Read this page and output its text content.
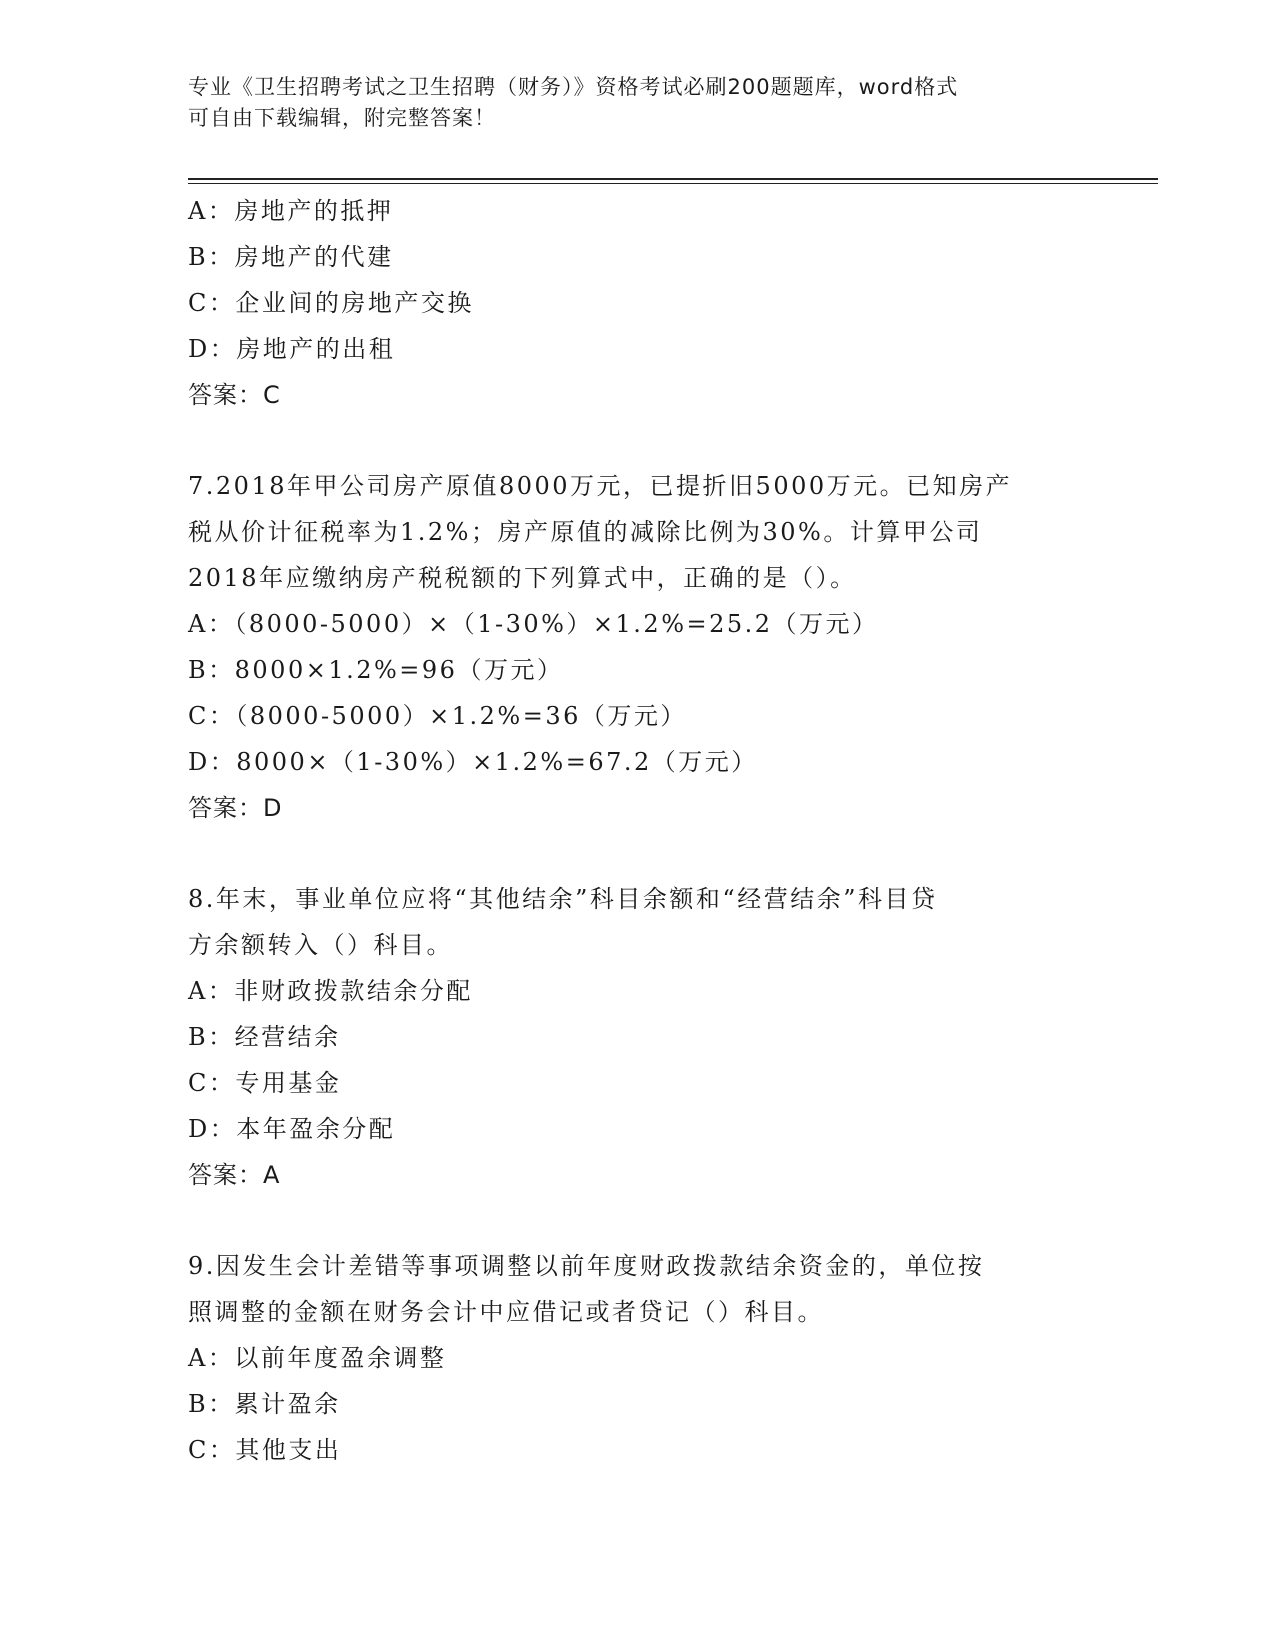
专业《卫生招聘考试之卫生招聘（财务）》资格考试必刷200题题库，word格式
可自由下载编辑，附完整答案！
A：房地产的抵押
B：房地产的代建
C：企业间的房地产交换
D：房地产的出租
答案：C
7.2018年甲公司房产原值8000万元，已提折旧5000万元。已知房产
税从价计征税率为1.2%；房产原值的减除比例为30%。计算甲公司
2018年应缴纳房产税税额的下列算式中，正确的是（）。
A：（8000-5000）×（1-30%）×1.2%=25.2（万元）
B：8000×1.2%=96（万元）
C：（8000-5000）×1.2%=36（万元）
D：8000×（1-30%）×1.2%=67.2（万元）
答案：D
8.年末，事业单位应将“其他结余”科目余额和“经营结余”科目贷
方余额转入（）科目。
A：非财政拨款结余分配
B：经营结余
C：专用基金
D：本年盈余分配
答案：A
9.因发生会计差错等事项调整以前年度财政拨款结余资金的，单位按
照调整的金额在财务会计中应借记或者贷记（）科目。
A：以前年度盈余调整
B：累计盈余
C：其他支出
